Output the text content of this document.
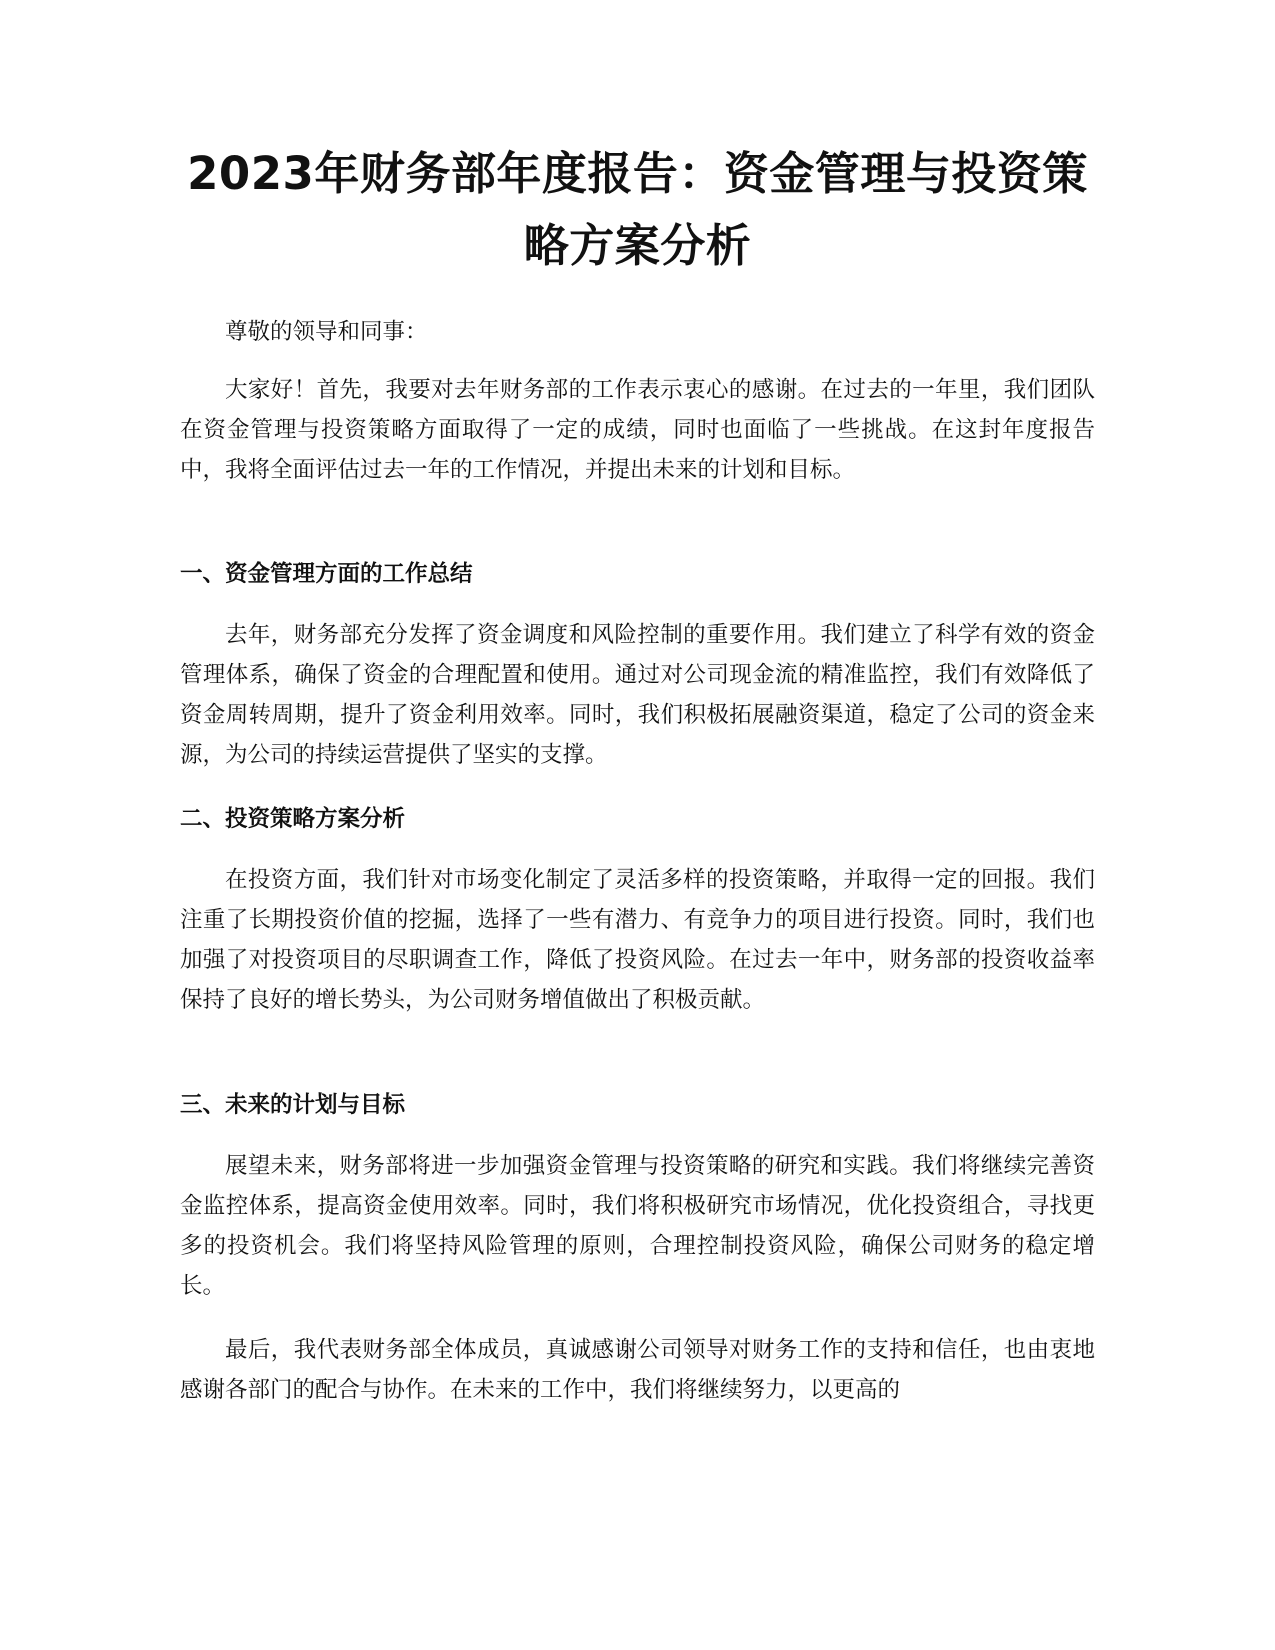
2023年财务部年度报告：资金管理与投资策略方案分析

尊敬的领导和同事：

大家好！首先，我要对去年财务部的工作表示衷心的感谢。在过去的一年里，我们团队在资金管理与投资策略方面取得了一定的成绩，同时也面临了一些挑战。在这封年度报告中，我将全面评估过去一年的工作情况，并提出未来的计划和目标。

一、资金管理方面的工作总结

去年，财务部充分发挥了资金调度和风险控制的重要作用。我们建立了科学有效的资金管理体系，确保了资金的合理配置和使用。通过对公司现金流的精准监控，我们有效降低了资金周转周期，提升了资金利用效率。同时，我们积极拓展融资渠道，稳定了公司的资金来源，为公司的持续运营提供了坚实的支撑。

二、投资策略方案分析

在投资方面，我们针对市场变化制定了灵活多样的投资策略，并取得一定的回报。我们注重了长期投资价值的挖掘，选择了一些有潜力、有竞争力的项目进行投资。同时，我们也加强了对投资项目的尽职调查工作，降低了投资风险。在过去一年中，财务部的投资收益率保持了良好的增长势头，为公司财务增值做出了积极贡献。

三、未来的计划与目标

展望未来，财务部将进一步加强资金管理与投资策略的研究和实践。我们将继续完善资金监控体系，提高资金使用效率。同时，我们将积极研究市场情况，优化投资组合，寻找更多的投资机会。我们将坚持风险管理的原则，合理控制投资风险，确保公司财务的稳定增长。

最后，我代表财务部全体成员，真诚感谢公司领导对财务工作的支持和信任，也由衷地感谢各部门的配合与协作。在未来的工作中，我们将继续努力，以更高的
